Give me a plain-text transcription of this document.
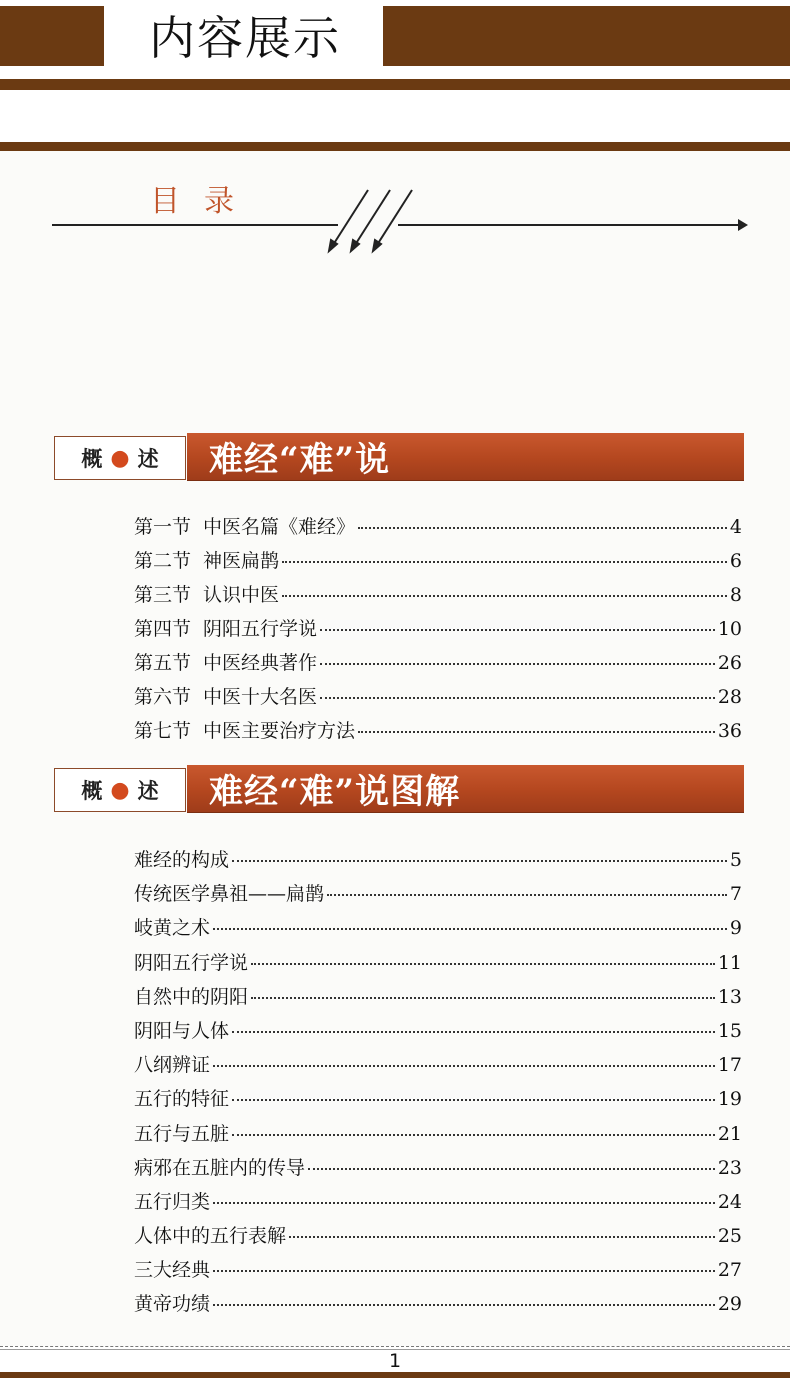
内容展示
目录
概 ● 述	难经“难”说
第一节 中医名篇《难经》	4
第二节 神医扁鹊	6
第三节 认识中医	8
第四节 阴阳五行学说	10
第五节 中医经典著作	26
第六节 中医十大名医	28
第七节 中医主要治疗方法	36
概 ● 述	难经“难”说图解
难经的构成	5
传统医学鼻祖——扁鹊	7
岐黄之术	9
阴阳五行学说	11
自然中的阴阳	13
阴阳与人体	15
八纲辨证	17
五行的特征	19
五行与五脏	21
病邪在五脏内的传导	23
五行归类	24
人体中的五行表解	25
三大经典	27
黄帝功绩	29
1
